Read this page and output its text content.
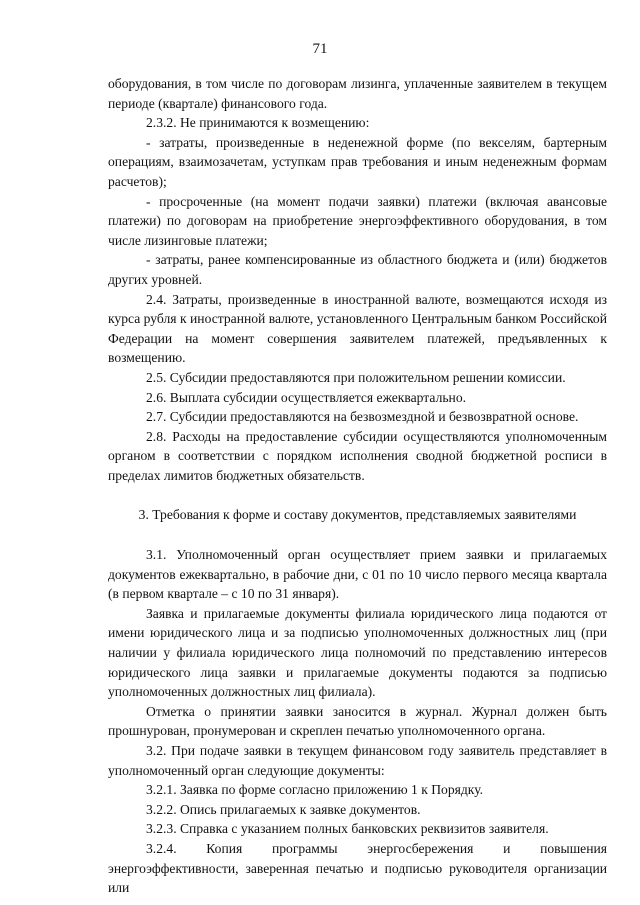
71

оборудования, в том числе по договорам лизинга, уплаченные заявителем в текущем периоде (квартале) финансового года.

2.3.2. Не принимаются к возмещению:

- затраты, произведенные в неденежной форме (по векселям, бартерным операциям, взаимозачетам, уступкам прав требования и иным неденежным формам расчетов);

- просроченные (на момент подачи заявки) платежи (включая авансовые платежи) по договорам на приобретение энергоэффективного оборудования, в том числе лизинговые платежи;

- затраты, ранее компенсированные из областного бюджета и (или) бюджетов других уровней.

2.4. Затраты, произведенные в иностранной валюте, возмещаются исходя из курса рубля к иностранной валюте, установленного Центральным банком Российской Федерации на момент совершения заявителем платежей, предъявленных к возмещению.

2.5. Субсидии предоставляются при положительном решении комиссии.

2.6. Выплата субсидии осуществляется ежеквартально.

2.7. Субсидии предоставляются на безвозмездной и безвозвратной основе.

2.8. Расходы на предоставление субсидии осуществляются уполномоченным органом в соответствии с порядком исполнения сводной бюджетной росписи в пределах лимитов бюджетных обязательств.

3. Требования к форме и составу документов, представляемых заявителями

3.1. Уполномоченный орган осуществляет прием заявки и прилагаемых документов ежеквартально, в рабочие дни, с 01 по 10 число первого месяца квартала (в первом квартале – с 10 по 31 января).

Заявка и прилагаемые документы филиала юридического лица подаются от имени юридического лица и за подписью уполномоченных должностных лиц (при наличии у филиала юридического лица полномочий по представлению интересов юридического лица заявки и прилагаемые документы подаются за подписью уполномоченных должностных лиц филиала).

Отметка о принятии заявки заносится в журнал. Журнал должен быть прошнурован, пронумерован и скреплен печатью уполномоченного органа.

3.2. При подаче заявки в текущем финансовом году заявитель представляет в уполномоченный орган следующие документы:

3.2.1. Заявка по форме согласно приложению 1 к Порядку.

3.2.2. Опись прилагаемых к заявке документов.

3.2.3. Справка с указанием полных банковских реквизитов заявителя.

3.2.4. Копия программы энергосбережения и повышения энергоэффективности, заверенная печатью и подписью руководителя организации или
